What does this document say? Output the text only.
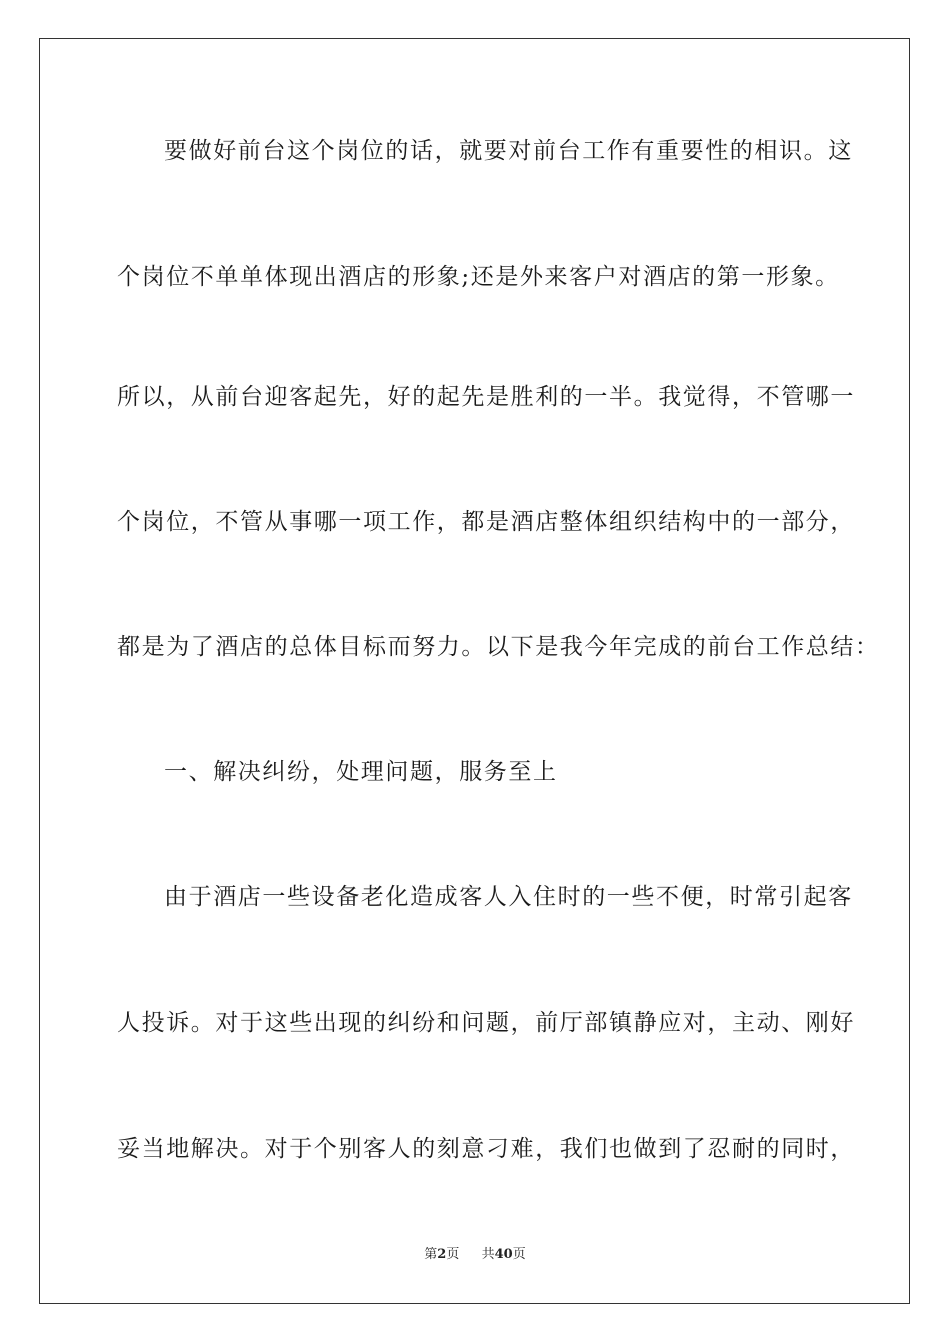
要做好前台这个岗位的话，就要对前台工作有重要性的相识。这
个岗位不单单体现出酒店的形象;还是外来客户对酒店的第一形象。
所以，从前台迎客起先，好的起先是胜利的一半。我觉得，不管哪一
个岗位，不管从事哪一项工作，都是酒店整体组织结构中的一部分，
都是为了酒店的总体目标而努力。以下是我今年完成的前台工作总结：
一、解决纠纷，处理问题，服务至上
由于酒店一些设备老化造成客人入住时的一些不便，时常引起客
人投诉。对于这些出现的纠纷和问题，前厅部镇静应对，主动、刚好
妥当地解决。对于个别客人的刻意刁难，我们也做到了忍耐的同时，
第2页 共40页
